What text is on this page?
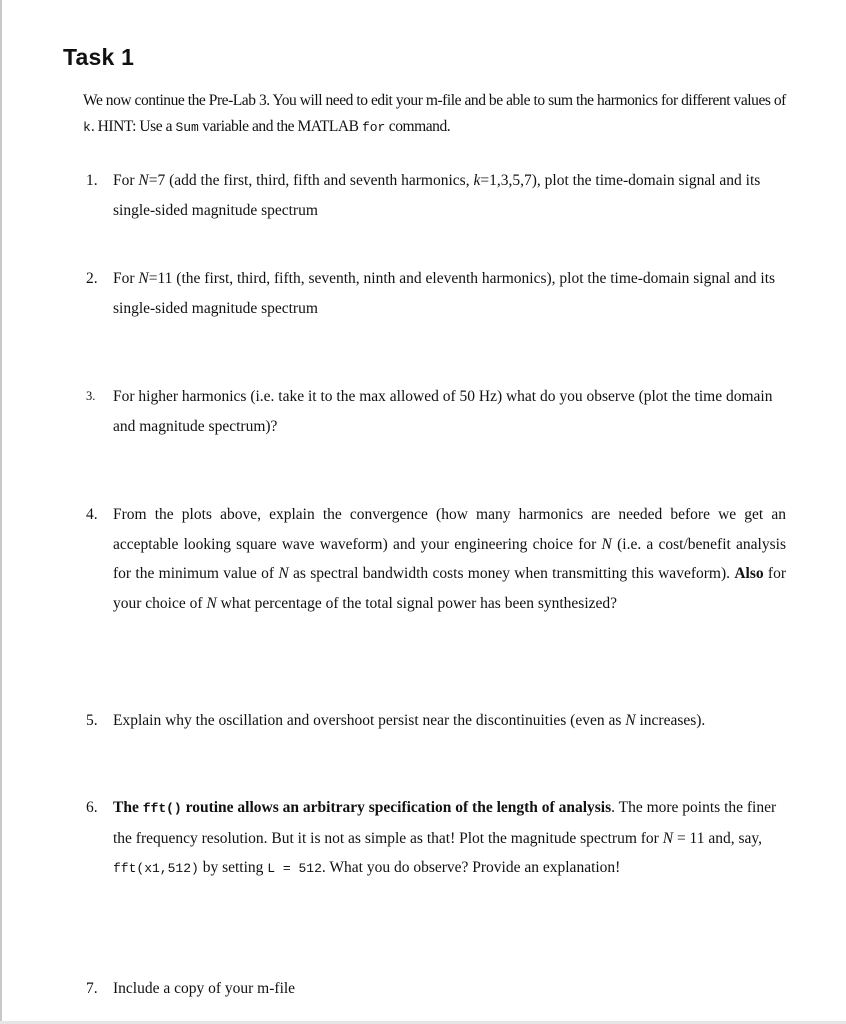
Task 1

We now continue the Pre-Lab 3. You will need to edit your m-file and be able to sum the harmonics for different values of k. HINT: Use a Sum variable and the MATLAB for command.

1. For N=7 (add the first, third, fifth and seventh harmonics, k=1,3,5,7), plot the time-domain signal and its single-sided magnitude spectrum
2. For N=11 (the first, third, fifth, seventh, ninth and eleventh harmonics), plot the time-domain signal and its single-sided magnitude spectrum
3.	For higher harmonics (i.e. take it to the max allowed of 50 Hz) what do you observe (plot the time domain and magnitude spectrum)?
4. From the plots above, explain the convergence (how many harmonics are needed before we get an acceptable looking square wave waveform) and your engineering choice for N (i.e. a cost/benefit analysis for the minimum value of N as spectral bandwidth costs money when transmitting this waveform). Also for your choice of N what percentage of the total signal power has been synthesized?
5. Explain why the oscillation and overshoot persist near the discontinuities (even as N increases).
6. The fft() routine allows an arbitrary specification of the length of analysis. The more points the finer the frequency resolution. But it is not as simple as that! Plot the magnitude spectrum for N = 11 and, say, fft(x1,512) by setting L = 512. What you do observe? Provide an explanation!
7. Include a copy of your m-file
